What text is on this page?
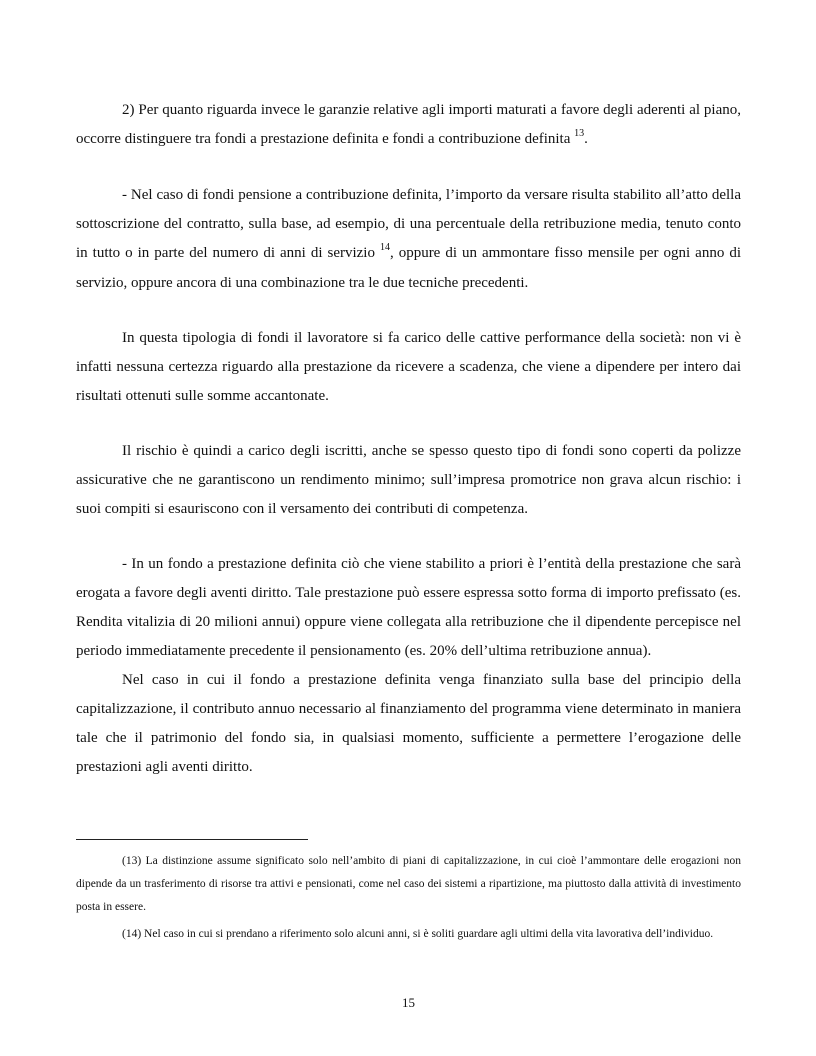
2) Per quanto riguarda invece le garanzie relative agli importi maturati a favore degli aderenti al piano, occorre distinguere tra fondi a prestazione definita e fondi a contribuzione definita $^{13}$.

- Nel caso di fondi pensione a contribuzione definita, l’importo da versare risulta stabilito all’atto della sottoscrizione del contratto, sulla base, ad esempio, di una percentuale della retribuzione media, tenuto conto in tutto o in parte del numero di anni di servizio $^{14}$, oppure di un ammontare fisso mensile per ogni anno di servizio, oppure ancora di una combinazione tra le due tecniche precedenti.

In questa tipologia di fondi il lavoratore si fa carico delle cattive performance della società: non vi è infatti nessuna certezza riguardo alla prestazione da ricevere a scadenza, che viene a dipendere per intero dai risultati ottenuti sulle somme accantonate.

Il rischio è quindi a carico degli iscritti, anche se spesso questo tipo di fondi sono coperti da polizze assicurative che ne garantiscono un rendimento minimo; sull’impresa promotrice non grava alcun rischio: i suoi compiti si esauriscono con il versamento dei contributi di competenza.

- In un fondo a prestazione definita ciò che viene stabilito a priori è l’entità della prestazione che sarà erogata a favore degli aventi diritto. Tale prestazione può essere espressa sotto forma di importo prefissato (es. Rendita vitalizia di 20 milioni annui) oppure viene collegata alla retribuzione che il dipendente percepisce nel periodo immediatamente precedente il pensionamento (es. 20% dell’ultima retribuzione annua).

Nel caso in cui il fondo a prestazione definita venga finanziato sulla base del principio della capitalizzazione, il contributo annuo necessario al finanziamento del programma viene determinato in maniera tale che il patrimonio del fondo sia, in qualsiasi momento, sufficiente a permettere l’erogazione delle prestazioni agli aventi diritto.

(13) La distinzione assume significato solo nell’ambito di piani di capitalizzazione, in cui cioè l’ammontare delle erogazioni non dipende da un trasferimento di risorse tra attivi e pensionati, come nel caso dei sistemi a ripartizione, ma piuttosto dalla attività di investimento posta in essere.

(14) Nel caso in cui si prendano a riferimento solo alcuni anni, si è soliti guardare agli ultimi della vita lavorativa dell’individuo.

15
